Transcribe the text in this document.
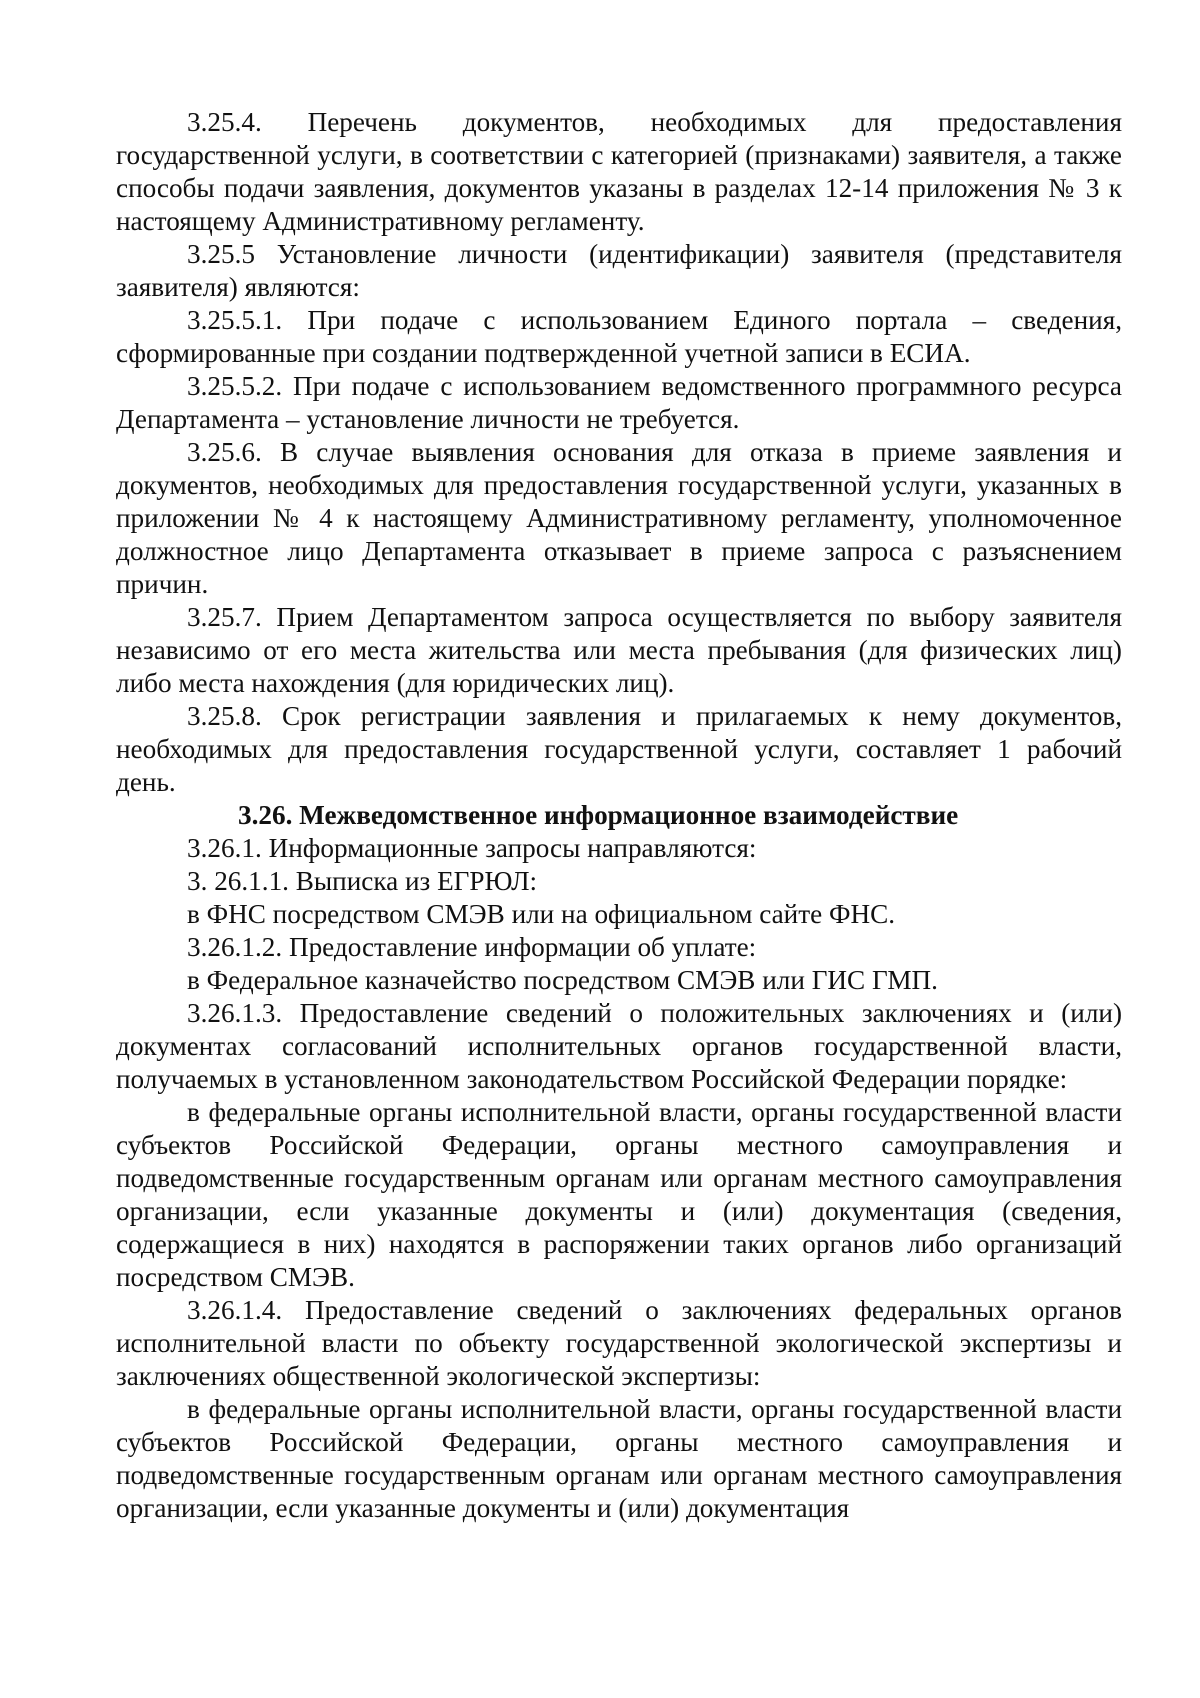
3.25.4. Перечень документов, необходимых для предоставления государственной услуги, в соответствии с категорией (признаками) заявителя, а также способы подачи заявления, документов указаны в разделах 12-14 приложения № 3 к настоящему Административному регламенту.

3.25.5 Установление личности (идентификации) заявителя (представителя заявителя) являются:

3.25.5.1. При подаче с использованием Единого портала – сведения, сформированные при создании подтвержденной учетной записи в ЕСИА.

3.25.5.2. При подаче с использованием ведомственного программного ресурса Департамента – установление личности не требуется.

3.25.6. В случае выявления основания для отказа в приеме заявления и документов, необходимых для предоставления государственной услуги, указанных в приложении № 4 к настоящему Административному регламенту, уполномоченное должностное лицо Департамента отказывает в приеме запроса с разъяснением причин.

3.25.7. Прием Департаментом запроса осуществляется по выбору заявителя независимо от его места жительства или места пребывания (для физических лиц) либо места нахождения (для юридических лиц).

3.25.8. Срок регистрации заявления и прилагаемых к нему документов, необходимых для предоставления государственной услуги, составляет 1 рабочий день.

3.26. Межведомственное информационное взаимодействие

3.26.1. Информационные запросы направляются:

3. 26.1.1. Выписка из ЕГРЮЛ:

в ФНС посредством СМЭВ или на официальном сайте ФНС.

3.26.1.2. Предоставление информации об уплате:

в Федеральное казначейство посредством СМЭВ или ГИС ГМП.

3.26.1.3. Предоставление сведений о положительных заключениях и (или) документах согласований исполнительных органов государственной власти, получаемых в установленном законодательством Российской Федерации порядке:

в федеральные органы исполнительной власти, органы государственной власти субъектов Российской Федерации, органы местного самоуправления и подведомственные государственным органам или органам местного самоуправления организации, если указанные документы и (или) документация (сведения, содержащиеся в них) находятся в распоряжении таких органов либо организаций посредством СМЭВ.

3.26.1.4. Предоставление сведений о заключениях федеральных органов исполнительной власти по объекту государственной экологической экспертизы и заключениях общественной экологической экспертизы:

в федеральные органы исполнительной власти, органы государственной власти субъектов Российской Федерации, органы местного самоуправления и подведомственные государственным органам или органам местного самоуправления организации, если указанные документы и (или) документация
